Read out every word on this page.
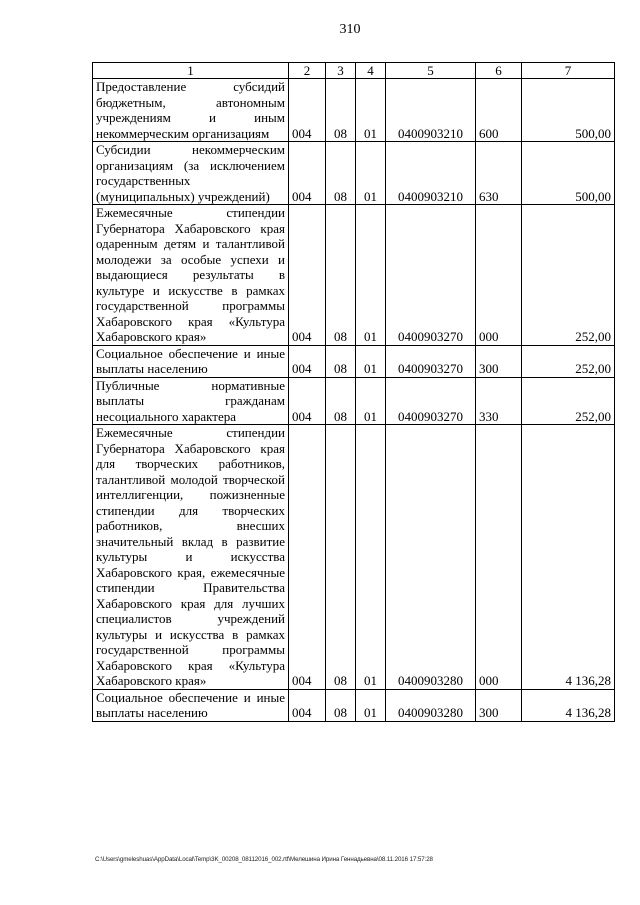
310
1	2	3	4	5	6	7
Предоставление субсидий бюджетным, автономным учреждениям и иным некоммерческим организациям	004	08	01	0400903210	600	500,00
Субсидии некоммерческим организациям (за исключением государственных (муниципальных) учреждений)	004	08	01	0400903210	630	500,00
Ежемесячные стипендии Губернатора Хабаровского края одаренным детям и талантливой молодежи за особые успехи и выдающиеся результаты в культуре и искусстве в рамках государственной программы Хабаровского края «Культура Хабаровского края»	004	08	01	0400903270	000	252,00
Социальное обеспечение и иные выплаты населению	004	08	01	0400903270	300	252,00
Публичные нормативные выплаты гражданам несоциального характера	004	08	01	0400903270	330	252,00
Ежемесячные стипендии Губернатора Хабаровского края для творческих работников, талантливой молодой творческой интеллигенции, пожизненные стипендии для творческих работников, внесших значительный вклад в развитие культуры и искусства Хабаровского края, ежемесячные стипендии Правительства Хабаровского края для лучших специалистов учреждений культуры и искусства в рамках государственной программы Хабаровского края «Культура Хабаровского края»	004	08	01	0400903280	000	4 136,28
Социальное обеспечение и иные выплаты населению	004	08	01	0400903280	300	4 136,28
C:\Users\gmeleshuas\AppData\Local\Temp\3K_00208_08112016_002.rtf\Мелешина Ирина Геннадьевна\08.11.2016 17:57:28
